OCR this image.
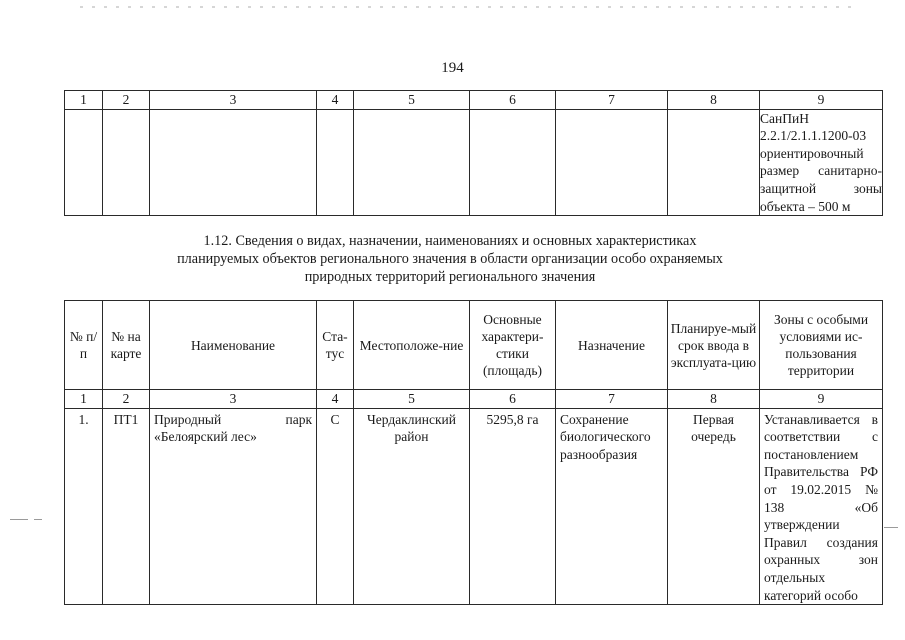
194
1	2	3	4	5	6	7	8	9
								СанПиН 2.2.1/2.1.1.1200-03 ориентировочный размер санитарно-защитной зоны объекта – 500 м
1.12. Сведения о видах, назначении, наименованиях и основных характеристиках
планируемых объектов регионального значения в области организации особо охраняемых
природных территорий регионального значения
№ п/п	№ на карте	Наименование	Ста-тус	Местоположе-ние	Основные характери-стики (площадь)	Назначение	Планируе-мый срок ввода в эксплуата-цию	Зоны с особыми условиями ис-пользования территории
1	2	3	4	5	6	7	8	9
1.	ПТ1	Природный парк «Белоярский лес»	С	Чердаклинский район	5295,8 га	Сохранение биологического разнообразия	Первая очередь	Устанавливается в соответствии с постановлением Правительства РФ от 19.02.2015 № 138 «Об утверждении Правил создания охранных зон отдельных категорий особо
